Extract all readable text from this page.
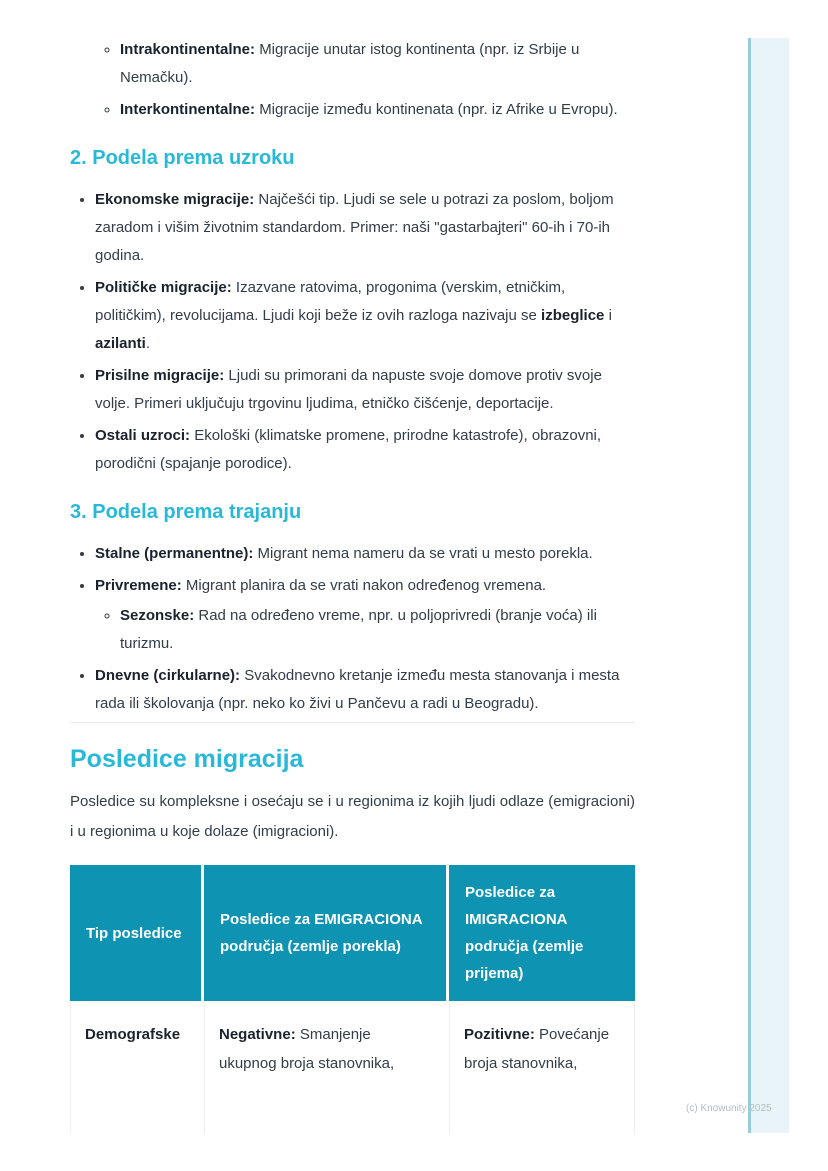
◦ Intrakontinentalne: Migracije unutar istog kontinenta (npr. iz Srbije u Nemačku).
◦ Interkontinentalne: Migracije između kontinenata (npr. iz Afrike u Evropu).
2. Podela prema uzroku
• Ekonomske migracije: Najčešći tip. Ljudi se sele u potrazi za poslom, boljom zaradom i višim životnim standardom. Primer: naši "gastarbajteri" 60-ih i 70-ih godina.
• Političke migracije: Izazvane ratovima, progonima (verskim, etničkim, političkim), revolucijama. Ljudi koji beže iz ovih razloga nazivaju se izbeglice i azilanti.
• Prisilne migracije: Ljudi su primorani da napuste svoje domove protiv svoje volje. Primeri uključuju trgovinu ljudima, etničko čišćenje, deportacije.
• Ostali uzroci: Ekološki (klimatske promene, prirodne katastrofe), obrazovni, porodični (spajanje porodice).
3. Podela prema trajanju
• Stalne (permanentne): Migrant nema nameru da se vrati u mesto porekla.
• Privremene: Migrant planira da se vrati nakon određenog vremena.
◦ Sezonske: Rad na određeno vreme, npr. u poljoprivredi (branje voća) ili turizmu.
• Dnevne (cirkularne): Svakodnevno kretanje između mesta stanovanja i mesta rada ili školovanja (npr. neko ko živi u Pančevu a radi u Beogradu).
Posledice migracija

Posledice su kompleksne i osećaju se i u regionima iz kojih ljudi odlaze (emigracioni) i u regionima u koje dolaze (imigracioni).

Tip posledice
Posledice za EMIGRACIONA područja (zemlje porekla)
Posledice za IMIGRACIONA područja (zemlje prijema)
Demografske	Negativne: Smanjenje ukupnog broja stanovnika,
Pozitivne: Povećanje broja stanovnika,
(c) Knowunity 2025
